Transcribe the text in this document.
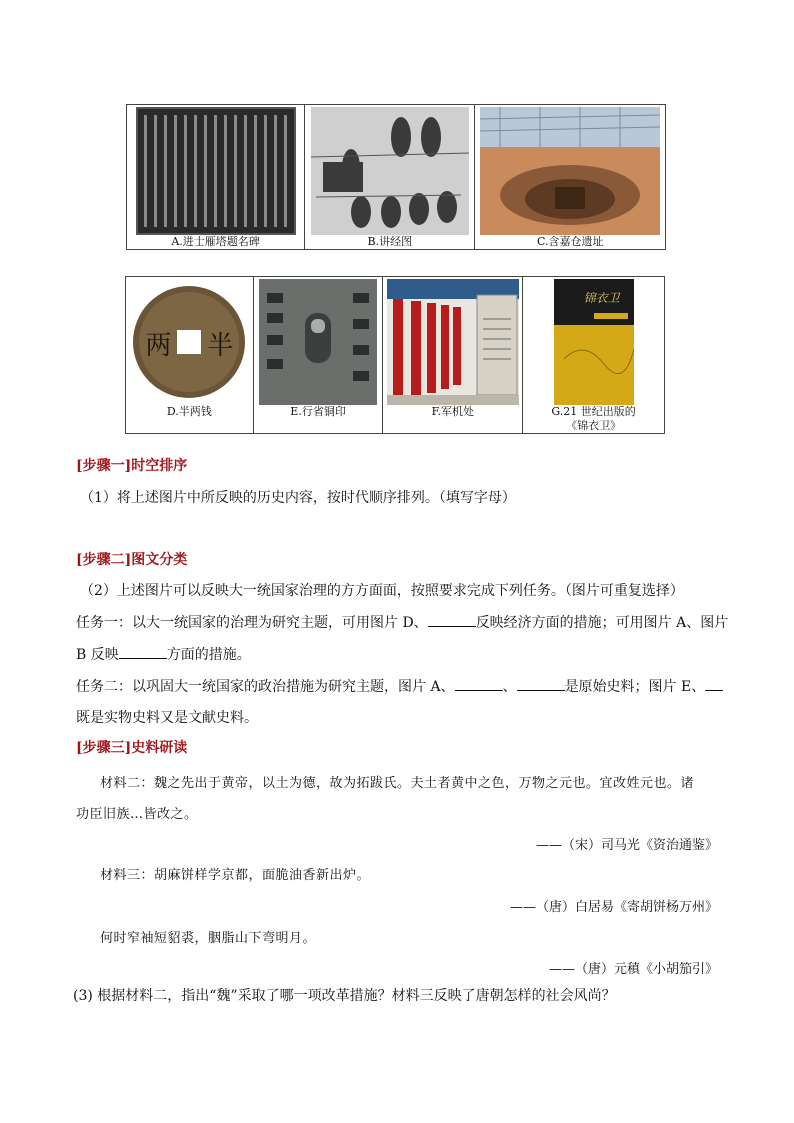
A.进士雁塔题名碑	B.讲经图	C.含嘉仓遗址
两 半
D.半两钱	E.行省铜印	F.军机处

锦衣卫
G.21 世纪出版的
《锦衣卫》
[步骤一]时空排序
（1）将上述图片中所反映的历史内容，按时代顺序排列。（填写字母）
[步骤二]图文分类
（2）上述图片可以反映大一统国家治理的方方面面，按照要求完成下列任务。（图片可重复选择）
任务一：以大一统国家的治理为研究主题，可用图片 D、	反映经济方面的措施；可用图片 A、图片
B 反映	方面的措施。
任务二：以巩固大一统国家的政治措施为研究主题，图片 A、	、	是原始史料；图片 E、
既是实物史料又是文献史料。
[步骤三]史料研读
材料二：魏之先出于黄帝，以土为德，故为拓跋氏。夫土者黄中之色，万物之元也。宜改姓元也。诸
功臣旧族…皆改之。
——（宋）司马光《资治通鉴》
材料三：胡麻饼样学京都，面脆油香新出炉。
——（唐）白居易《寄胡饼杨万州》
何时窄袖短貂裘，胭脂山下弯明月。
——（唐）元稹《小胡笳引》
(3) 根据材料二，指出“魏”采取了哪一项改革措施？材料三反映了唐朝怎样的社会风尚？
